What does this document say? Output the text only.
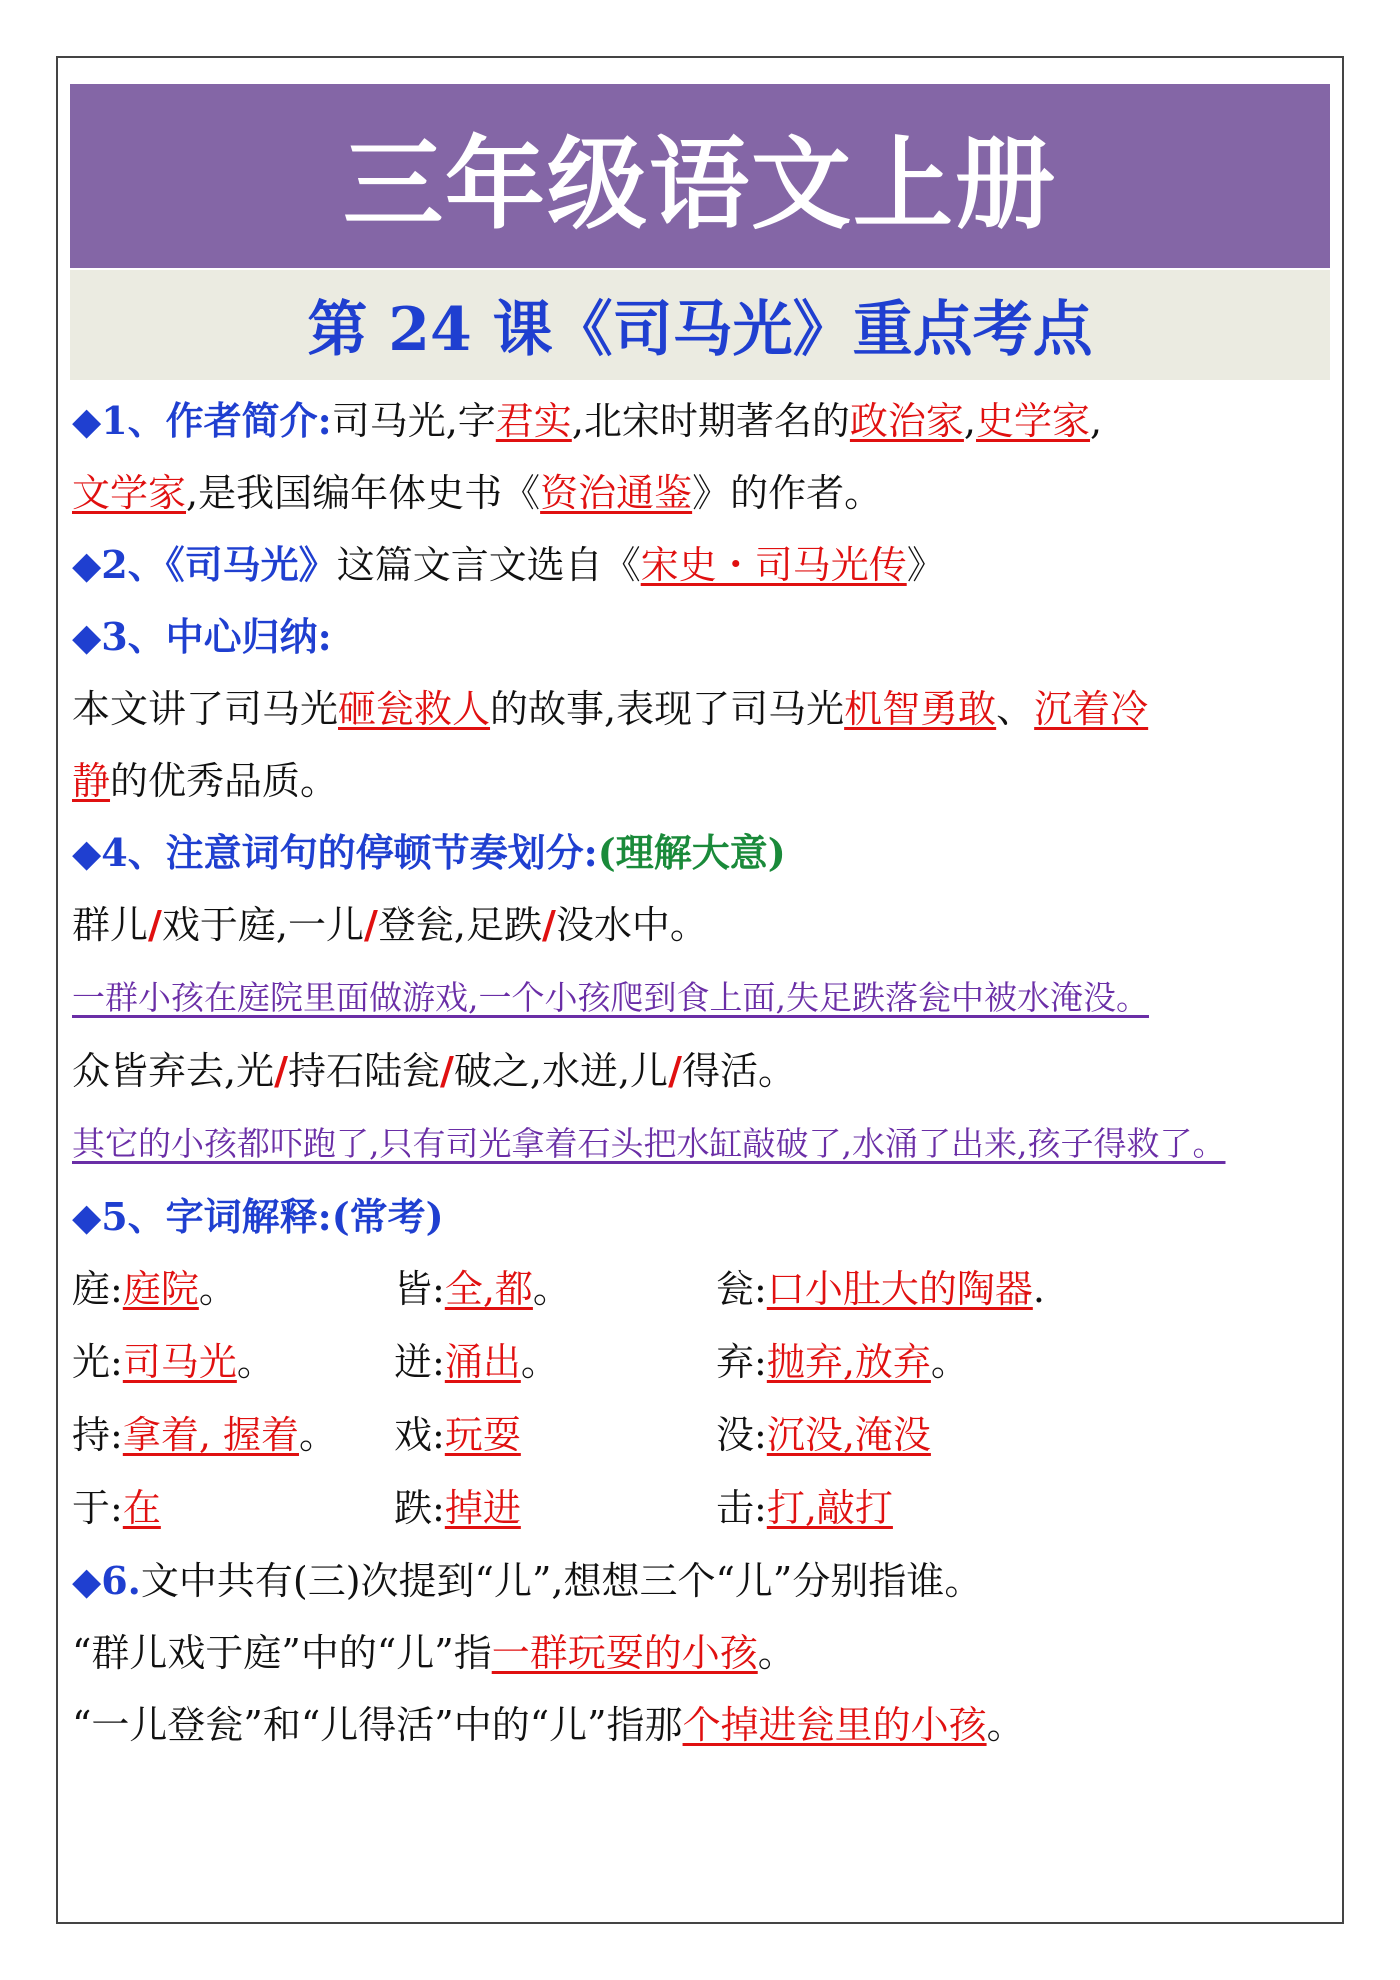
三年级语文上册
第 24 课《司马光》重点考点
◆1、作者简介:司马光,字君实,北宋时期著名的政治家,史学家,
文学家,是我国编年体史书《资治通鉴》的作者。
◆2、《司马光》这篇文言文选自《宋史・司马光传》
◆3、中心归纳:
本文讲了司马光砸瓮救人的故事,表现了司马光机智勇敢、沉着冷
静的优秀品质。
◆4、注意词句的停顿节奏划分:(理解大意)
群儿/戏于庭,一儿/登瓮,足跌/没水中。
一群小孩在庭院里面做游戏,一个小孩爬到食上面,失足跌落瓮中被水淹没。
众皆弃去,光/持石陆瓮/破之,水迸,儿/得活。
其它的小孩都吓跑了,只有司光拿着石头把水缸敲破了,水涌了出来,孩子得救了。
◆5、字词解释:(常考)
庭:庭院。	皆:全,都。	瓮:口小肚大的陶器.
光:司马光。	迸:涌出。	弃:抛弃,放弃。
持:拿着, 握着。	戏:玩耍	没:沉没,淹没
于:在	跌:掉进	击:打,敲打
◆6.文中共有(三)次提到“儿”,想想三个“儿”分别指谁。
“群儿戏于庭”中的“儿”指一群玩耍的小孩。
“一儿登瓮”和“儿得活”中的“儿”指那个掉进瓮里的小孩。
